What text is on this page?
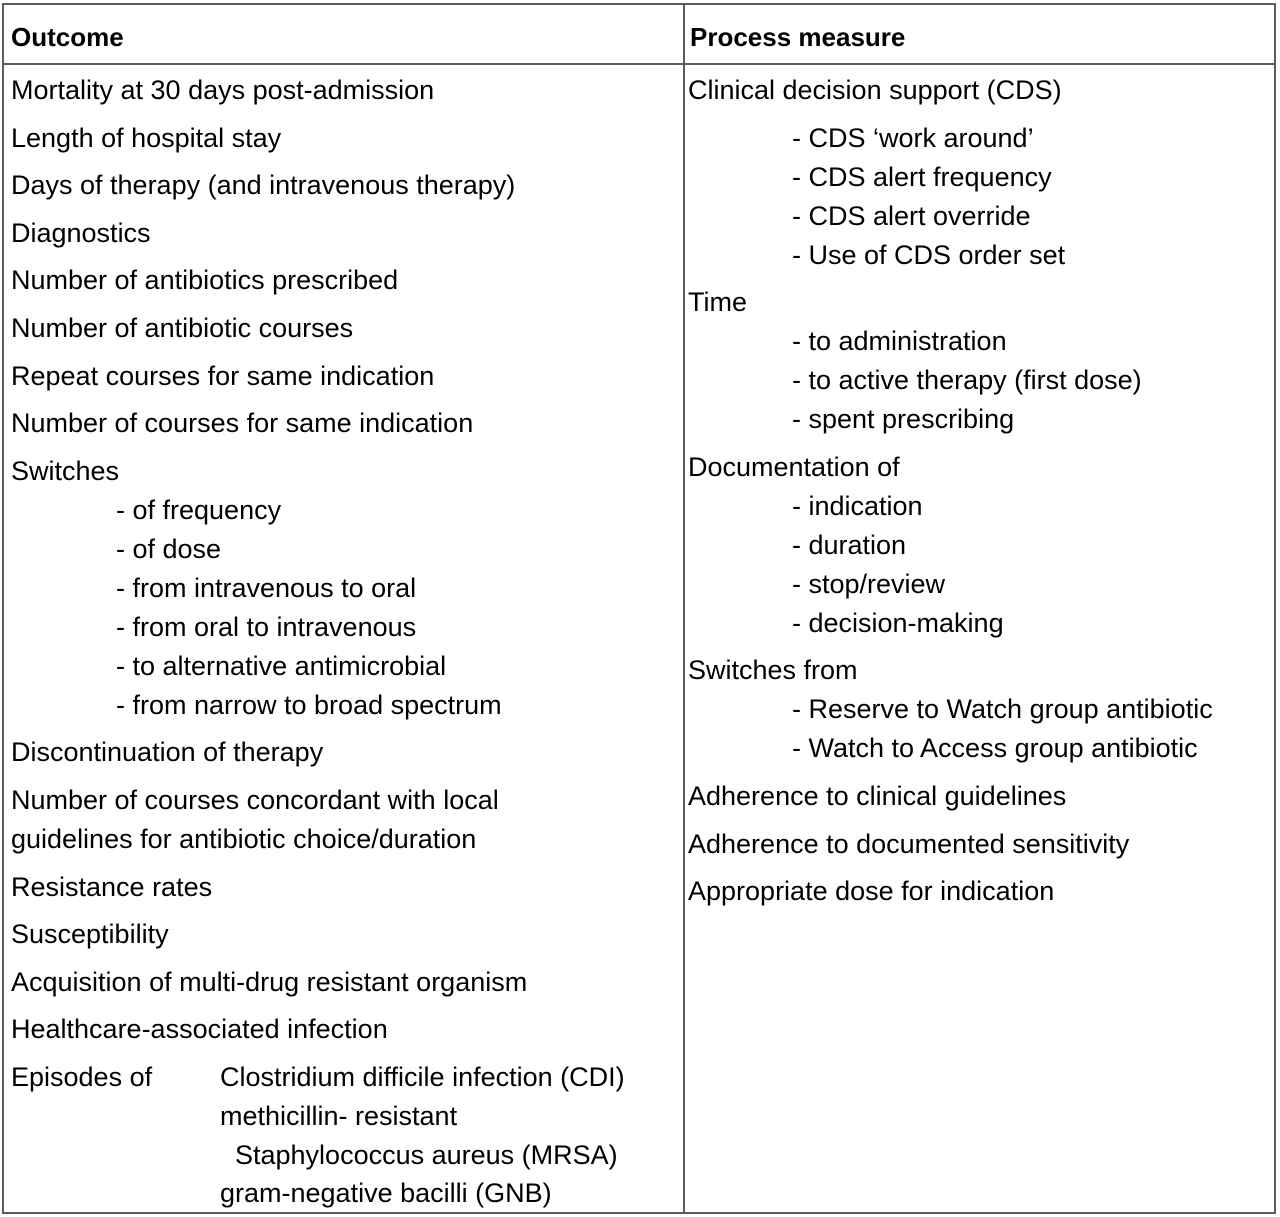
Outcome	Process measure
Mortality at 30 days post-admission
Length of hospital stay
Days of therapy (and intravenous therapy)
Diagnostics
Number of antibiotics prescribed
Number of antibiotic courses
Repeat courses for same indication
Number of courses for same indication
Switches
- of frequency
- of dose
- from intravenous to oral
- from oral to intravenous
- to alternative antimicrobial
- from narrow to broad spectrum
Discontinuation of therapy
Number of courses concordant with local
guidelines for antibiotic choice/duration
Resistance rates
Susceptibility
Acquisition of multi-drug resistant organism
Healthcare-associated infection
Episodes of	Clostridium difficile infection (CDI)
methicillin- resistant
Staphylococcus aureus (MRSA)
gram-negative bacilli (GNB)
Clinical decision support (CDS)
- CDS ‘work around’
- CDS alert frequency
- CDS alert override
- Use of CDS order set
Time
- to administration
- to active therapy (first dose)
- spent prescribing
Documentation of
- indication
- duration
- stop/review
- decision-making
Switches from
- Reserve to Watch group antibiotic
- Watch to Access group antibiotic
Adherence to clinical guidelines
Adherence to documented sensitivity
Appropriate dose for indication
